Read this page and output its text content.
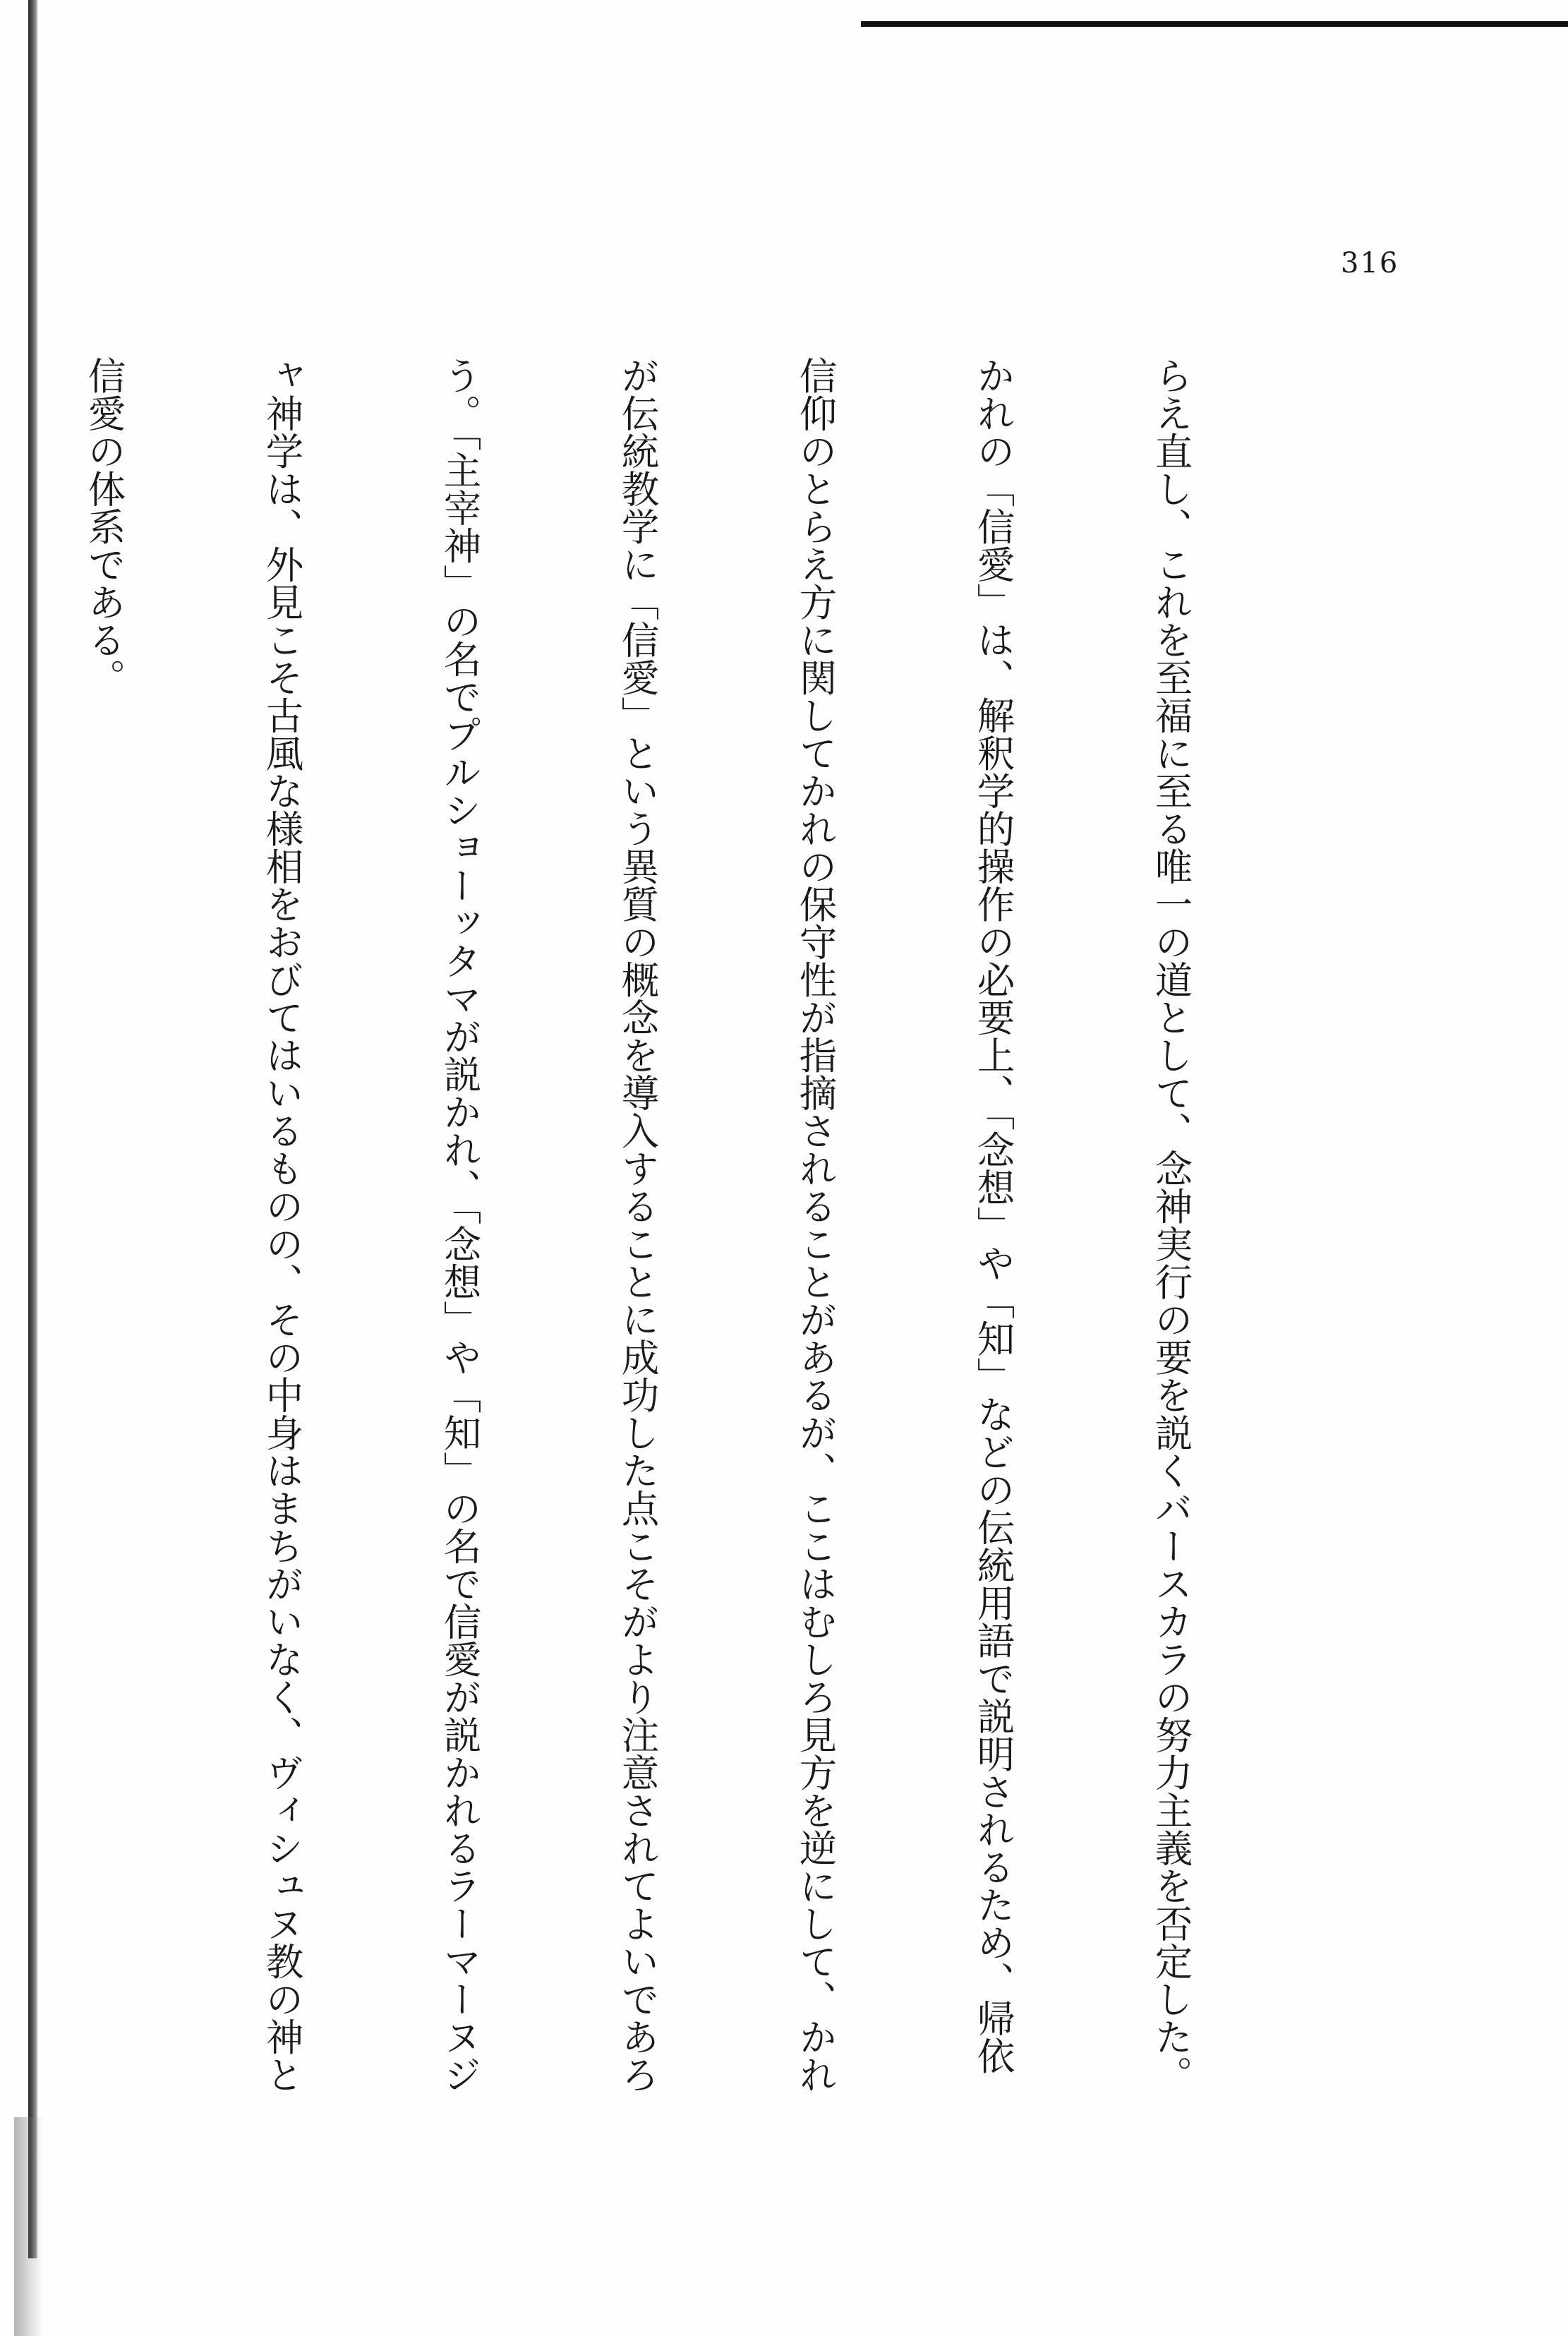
316

らえ直し、これを至福に至る唯一の道として、念神実行の要を説くバースカラの努力主義を否定した。

かれの「信愛」は、解釈学的操作の必要上、「念想」や「知」などの伝統用語で説明されるため、帰依

信仰のとらえ方に関してかれの保守性が指摘されることがあるが、ここはむしろ見方を逆にして、かれ

が伝統教学に「信愛」という異質の概念を導入することに成功した点こそがより注意されてよいであろ

う。「主宰神」の名でプルショーッタマが説かれ、「念想」や「知」の名で信愛が説かれるラーマーヌジ

ャ神学は、外見こそ古風な様相をおびてはいるものの、その中身はまちがいなく、ヴィシュヌ教の神と

信愛の体系である。
